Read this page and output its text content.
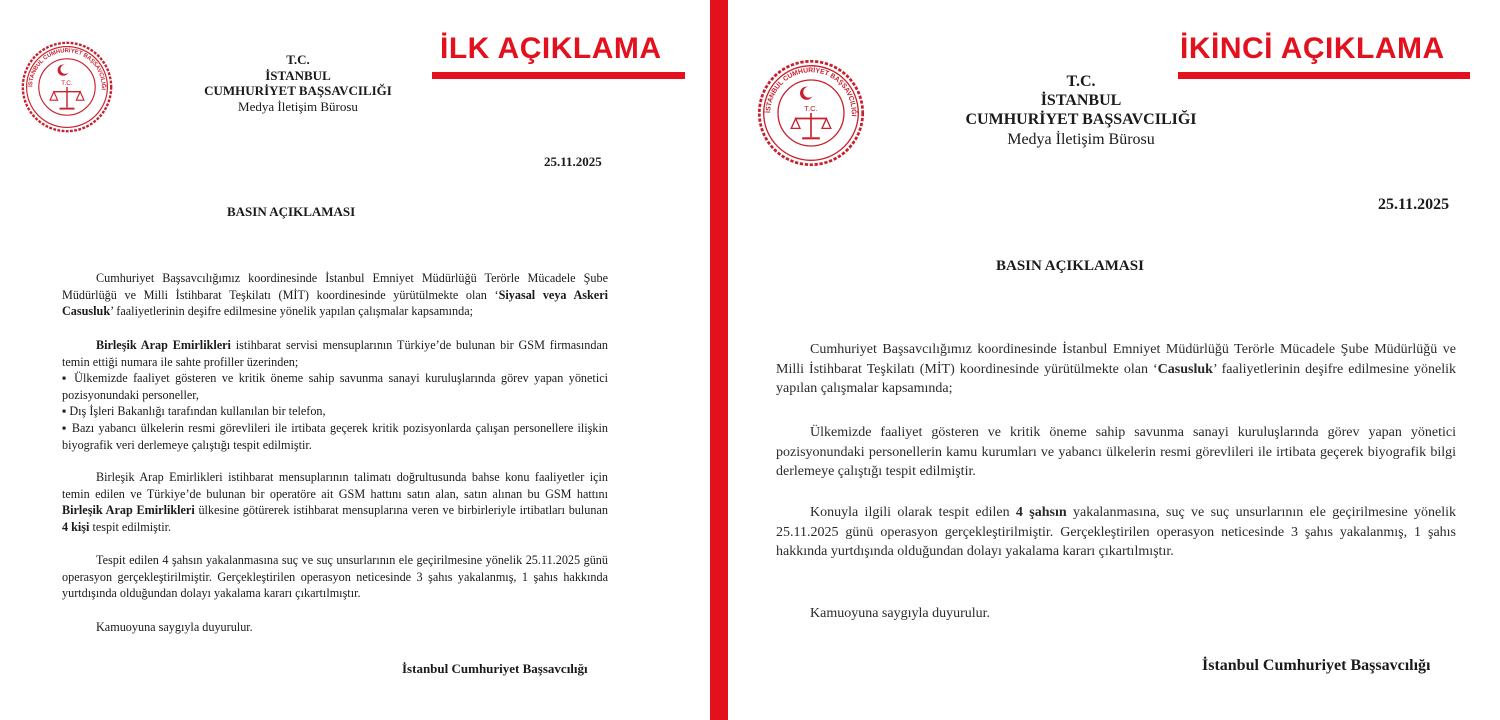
İLK AÇIKLAMA
İSTANBUL CUMHURİYET BAŞSAVCILIĞI
T.C.
T.C.
İSTANBUL
CUMHURİYET BAŞSAVCILIĞI
Medya İletişim Bürosu
25.11.2025
BASIN AÇIKLAMASI
Cumhuriyet Başsavcılığımız koordinesinde İstanbul Emniyet Müdürlüğü Terörle Mücadele Şube Müdürlüğü ve Milli İstihbarat Teşkilatı (MİT) koordinesinde yürütülmekte olan ‘Siyasal veya Askeri Casusluk’ faaliyetlerinin deşifre edilmesine yönelik yapılan çalışmalar kapsamında;
Birleşik Arap Emirlikleri istihbarat servisi mensuplarının Türkiye’de bulunan bir GSM firmasından temin ettiği numara ile sahte profiller üzerinden;
▪ Ülkemizde faaliyet gösteren ve kritik öneme sahip savunma sanayi kuruluşlarında görev yapan yönetici pozisyonundaki personeller,
▪ Dış İşleri Bakanlığı tarafından kullanılan bir telefon,
▪ Bazı yabancı ülkelerin resmi görevlileri ile irtibata geçerek kritik pozisyonlarda çalışan personellere ilişkin biyografik veri derlemeye çalıştığı tespit edilmiştir.
Birleşik Arap Emirlikleri istihbarat mensuplarının talimatı doğrultusunda bahse konu faaliyetler için temin edilen ve Türkiye’de bulunan bir operatöre ait GSM hattını satın alan, satın alınan bu GSM hattını Birleşik Arap Emirlikleri ülkesine götürerek istihbarat mensuplarına veren ve birbirleriyle irtibatları bulunan 4 kişi tespit edilmiştir.
Tespit edilen 4 şahsın yakalanmasına suç ve suç unsurlarının ele geçirilmesine yönelik 25.11.2025 günü operasyon gerçekleştirilmiştir. Gerçekleştirilen operasyon neticesinde 3 şahıs yakalanmış, 1 şahıs hakkında yurtdışında olduğundan dolayı yakalama kararı çıkartılmıştır.
Kamuoyuna saygıyla duyurulur.
İstanbul Cumhuriyet Başsavcılığı
İKİNCİ AÇIKLAMA
İSTANBUL CUMHURİYET BAŞSAVCILIĞI
T.C.
T.C.
İSTANBUL
CUMHURİYET BAŞSAVCILIĞI
Medya İletişim Bürosu
25.11.2025
BASIN AÇIKLAMASI
Cumhuriyet Başsavcılığımız koordinesinde İstanbul Emniyet Müdürlüğü Terörle Mücadele Şube Müdürlüğü ve Milli İstihbarat Teşkilatı (MİT) koordinesinde yürütülmekte olan ‘Casusluk’ faaliyetlerinin deşifre edilmesine yönelik yapılan çalışmalar kapsamında;
Ülkemizde faaliyet gösteren ve kritik öneme sahip savunma sanayi kuruluşlarında görev yapan yönetici pozisyonundaki personellerin kamu kurumları ve yabancı ülkelerin resmi görevlileri ile irtibata geçerek biyografik bilgi derlemeye çalıştığı tespit edilmiştir.
Konuyla ilgili olarak tespit edilen 4 şahsın yakalanmasına, suç ve suç unsurlarının ele geçirilmesine yönelik 25.11.2025 günü operasyon gerçekleştirilmiştir. Gerçekleştirilen operasyon neticesinde 3 şahıs yakalanmış, 1 şahıs hakkında yurtdışında olduğundan dolayı yakalama kararı çıkartılmıştır.
Kamuoyuna saygıyla duyurulur.
İstanbul Cumhuriyet Başsavcılığı
